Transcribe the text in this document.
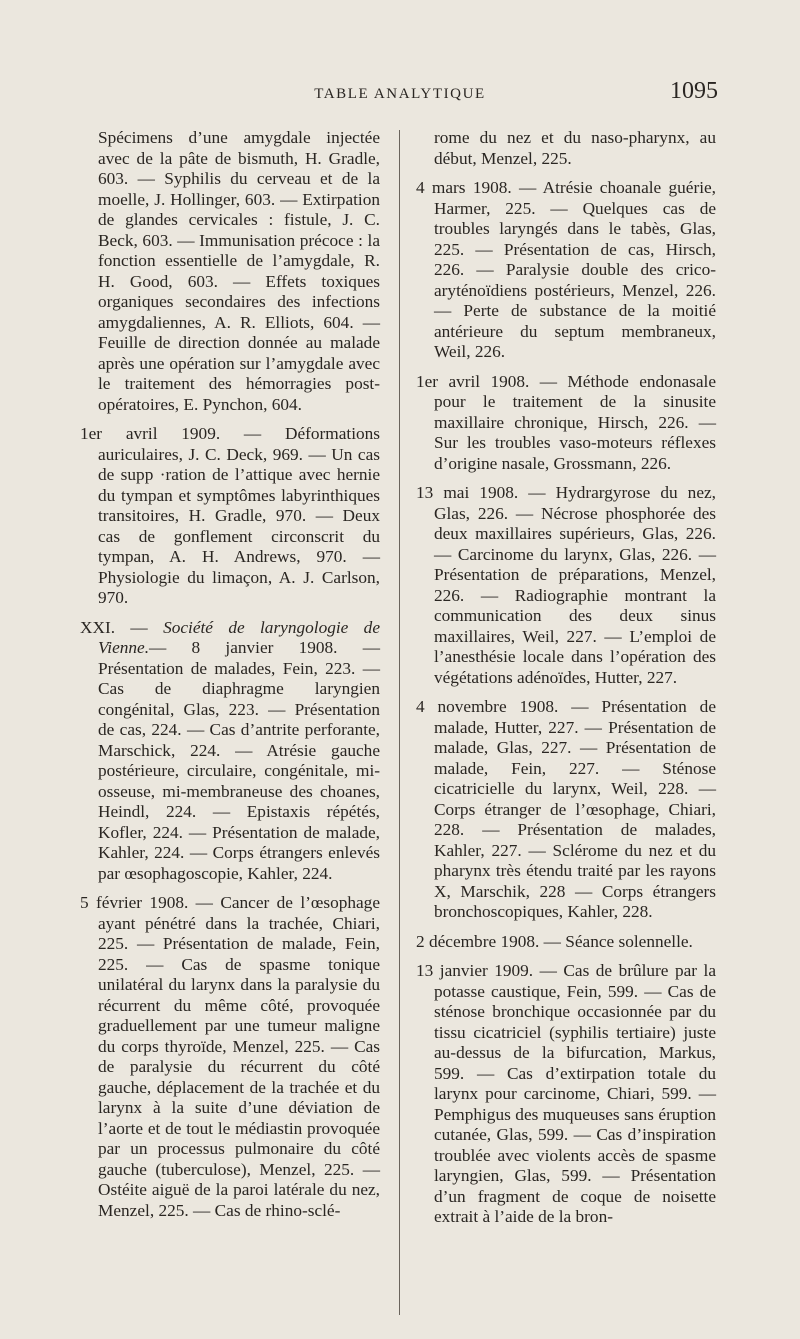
TABLE ANALYTIQUE	1095

Spécimens d’une amygdale injectée avec de la pâte de bismuth, H. Gradle, 603. — Syphilis du cerveau et de la moelle, J. Hollinger, 603. — Extirpation de glandes cervicales : fistule, J. C. Beck, 603. — Immunisation précoce : la fonction essentielle de l’amygdale, R. H. Good, 603. — Effets toxiques organiques secondaires des infections amygdaliennes, A. R. Elliots, 604. — Feuille de direction donnée au malade après une opération sur l’amygdale avec le traitement des hémorragies post-opératoires, E. Pynchon, 604.

1er avril 1909. — Déformations auriculaires, J. C. Deck, 969. — Un cas de supp ·ration de l’attique avec hernie du tympan et symptômes labyrinthiques transitoires, H. Gradle, 970. — Deux cas de gonflement circonscrit du tympan, A. H. Andrews, 970. — Physiologie du limaçon, A. J. Carlson, 970.

XXI. — Société de laryngologie de Vienne.— 8 janvier 1908. — Présentation de malades, Fein, 223. — Cas de diaphragme laryngien congénital, Glas, 223. — Présentation de cas, 224. — Cas d’antrite perforante, Marschick, 224. — Atrésie gauche postérieure, circulaire, congénitale, mi-osseuse, mi-membraneuse des choanes, Heindl, 224. — Epistaxis répétés, Kofler, 224. — Présentation de malade, Kahler, 224. — Corps étrangers enlevés par œsophagoscopie, Kahler, 224.

5 février 1908. — Cancer de l’œsophage ayant pénétré dans la trachée, Chiari, 225. — Présentation de malade, Fein, 225. — Cas de spasme tonique unilatéral du larynx dans la paralysie du récurrent du même côté, provoquée graduellement par une tumeur maligne du corps thyroïde, Menzel, 225. — Cas de paralysie du récurrent du côté gauche, déplacement de la trachée et du larynx à la suite d’une déviation de l’aorte et de tout le médiastin provoquée par un processus pulmonaire du côté gauche (tuberculose), Menzel, 225. — Ostéite aiguë de la paroi latérale du nez, Menzel, 225. — Cas de rhino-sclé-

rome du nez et du naso-pharynx, au début, Menzel, 225.

4 mars 1908. — Atrésie choanale guérie, Harmer, 225. — Quelques cas de troubles laryngés dans le tabès, Glas, 225. — Présentation de cas, Hirsch, 226. — Paralysie double des crico-aryténoïdiens postérieurs, Menzel, 226. — Perte de substance de la moitié antérieure du septum membraneux, Weil, 226.

1er avril 1908. — Méthode endonasale pour le traitement de la sinusite maxillaire chronique, Hirsch, 226. — Sur les troubles vaso-moteurs réflexes d’origine nasale, Grossmann, 226.

13 mai 1908. — Hydrargyrose du nez, Glas, 226. — Nécrose phosphorée des deux maxillaires supérieurs, Glas, 226. — Carcinome du larynx, Glas, 226. — Présentation de préparations, Menzel, 226. — Radiographie montrant la communication des deux sinus maxillaires, Weil, 227. — L’emploi de l’anesthésie locale dans l’opération des végétations adénoïdes, Hutter, 227.

4 novembre 1908. — Présentation de malade, Hutter, 227. — Présentation de malade, Glas, 227. — Présentation de malade, Fein, 227. — Sténose cicatricielle du larynx, Weil, 228. — Corps étranger de l’œsophage, Chiari, 228. — Présentation de malades, Kahler, 227. — Sclérome du nez et du pharynx très étendu traité par les rayons X, Marschik, 228 — Corps étrangers bronchoscopiques, Kahler, 228.

2 décembre 1908. — Séance solennelle.

13 janvier 1909. — Cas de brûlure par la potasse caustique, Fein, 599. — Cas de sténose bronchique occasionnée par du tissu cicatriciel (syphilis tertiaire) juste au-dessus de la bifurcation, Markus, 599. — Cas d’extirpation totale du larynx pour carcinome, Chiari, 599. — Pemphigus des muqueuses sans éruption cutanée, Glas, 599. — Cas d’inspiration troublée avec violents accès de spasme laryngien, Glas, 599. — Présentation d’un fragment de coque de noisette extrait à l’aide de la bron-
